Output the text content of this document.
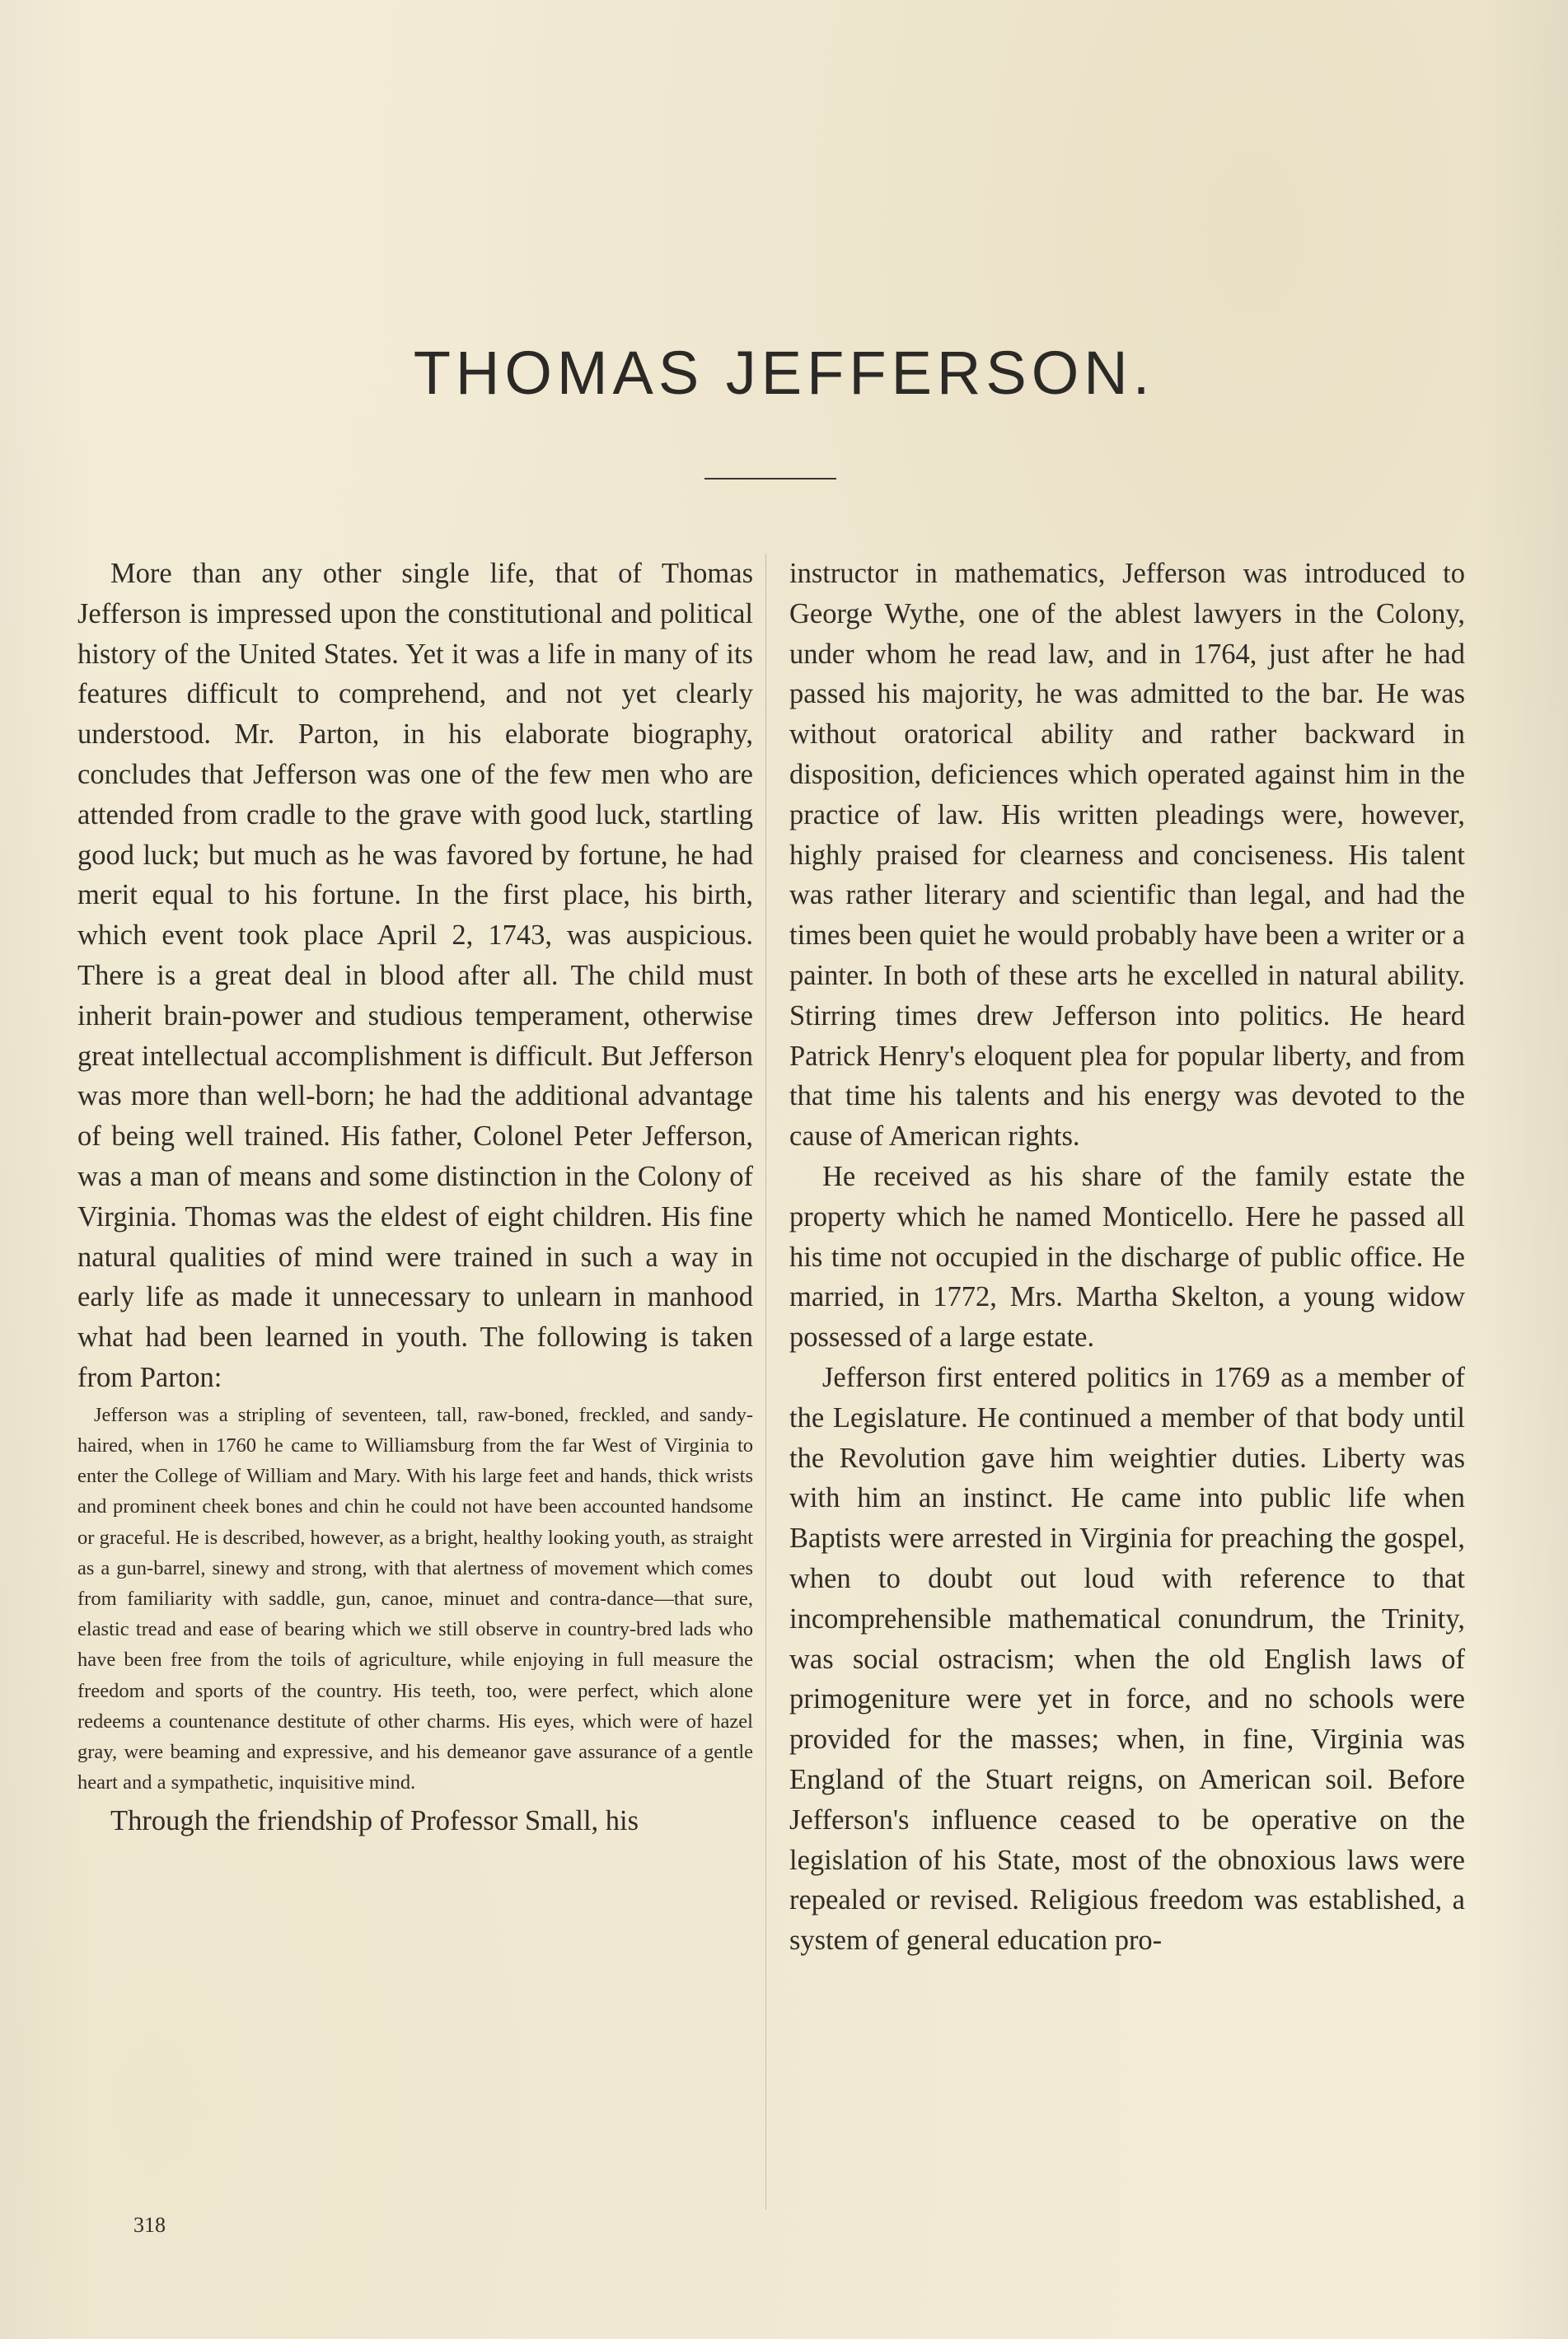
THOMAS JEFFERSON.

More than any other single life, that of Thomas Jefferson is impressed upon the constitutional and political history of the United States. Yet it was a life in many of its features difficult to comprehend, and not yet clearly understood. Mr. Parton, in his elaborate biography, concludes that Jefferson was one of the few men who are attended from cradle to the grave with good luck, startling good luck; but much as he was favored by fortune, he had merit equal to his fortune. In the first place, his birth, which event took place April 2, 1743, was auspicious. There is a great deal in blood after all. The child must inherit brain-power and studious temperament, otherwise great intellectual accomplishment is difficult. But Jefferson was more than well-born; he had the additional advantage of being well trained. His father, Colonel Peter Jefferson, was a man of means and some distinction in the Colony of Virginia. Thomas was the eldest of eight children. His fine natural qualities of mind were trained in such a way in early life as made it unnecessary to unlearn in manhood what had been learned in youth. The following is taken from Parton:

Jefferson was a stripling of seventeen, tall, raw-boned, freckled, and sandy-haired, when in 1760 he came to Williamsburg from the far West of Virginia to enter the College of William and Mary. With his large feet and hands, thick wrists and prominent cheek bones and chin he could not have been accounted handsome or graceful. He is described, however, as a bright, healthy looking youth, as straight as a gun-barrel, sinewy and strong, with that alertness of movement which comes from familiarity with saddle, gun, canoe, minuet and contra-dance—that sure, elastic tread and ease of bearing which we still observe in country-bred lads who have been free from the toils of agriculture, while enjoying in full measure the freedom and sports of the country. His teeth, too, were perfect, which alone redeems a countenance destitute of other charms. His eyes, which were of hazel gray, were beaming and expressive, and his demeanor gave assurance of a gentle heart and a sympathetic, inquisitive mind.

Through the friendship of Professor Small, his

instructor in mathematics, Jefferson was introduced to George Wythe, one of the ablest lawyers in the Colony, under whom he read law, and in 1764, just after he had passed his majority, he was admitted to the bar. He was without oratorical ability and rather backward in disposition, deficiences which operated against him in the practice of law. His written pleadings were, however, highly praised for clearness and conciseness. His talent was rather literary and scientific than legal, and had the times been quiet he would probably have been a writer or a painter. In both of these arts he excelled in natural ability. Stirring times drew Jefferson into politics. He heard Patrick Henry's eloquent plea for popular liberty, and from that time his talents and his energy was devoted to the cause of American rights.

He received as his share of the family estate the property which he named Monticello. Here he passed all his time not occupied in the discharge of public office. He married, in 1772, Mrs. Martha Skelton, a young widow possessed of a large estate.

Jefferson first entered politics in 1769 as a member of the Legislature. He continued a member of that body until the Revolution gave him weightier duties. Liberty was with him an instinct. He came into public life when Baptists were arrested in Virginia for preaching the gospel, when to doubt out loud with reference to that incomprehensible mathematical conundrum, the Trinity, was social ostracism; when the old English laws of primogeniture were yet in force, and no schools were provided for the masses; when, in fine, Virginia was England of the Stuart reigns, on American soil. Before Jefferson's influence ceased to be operative on the legislation of his State, most of the obnoxious laws were repealed or revised. Religious freedom was established, a system of general education pro-

318
